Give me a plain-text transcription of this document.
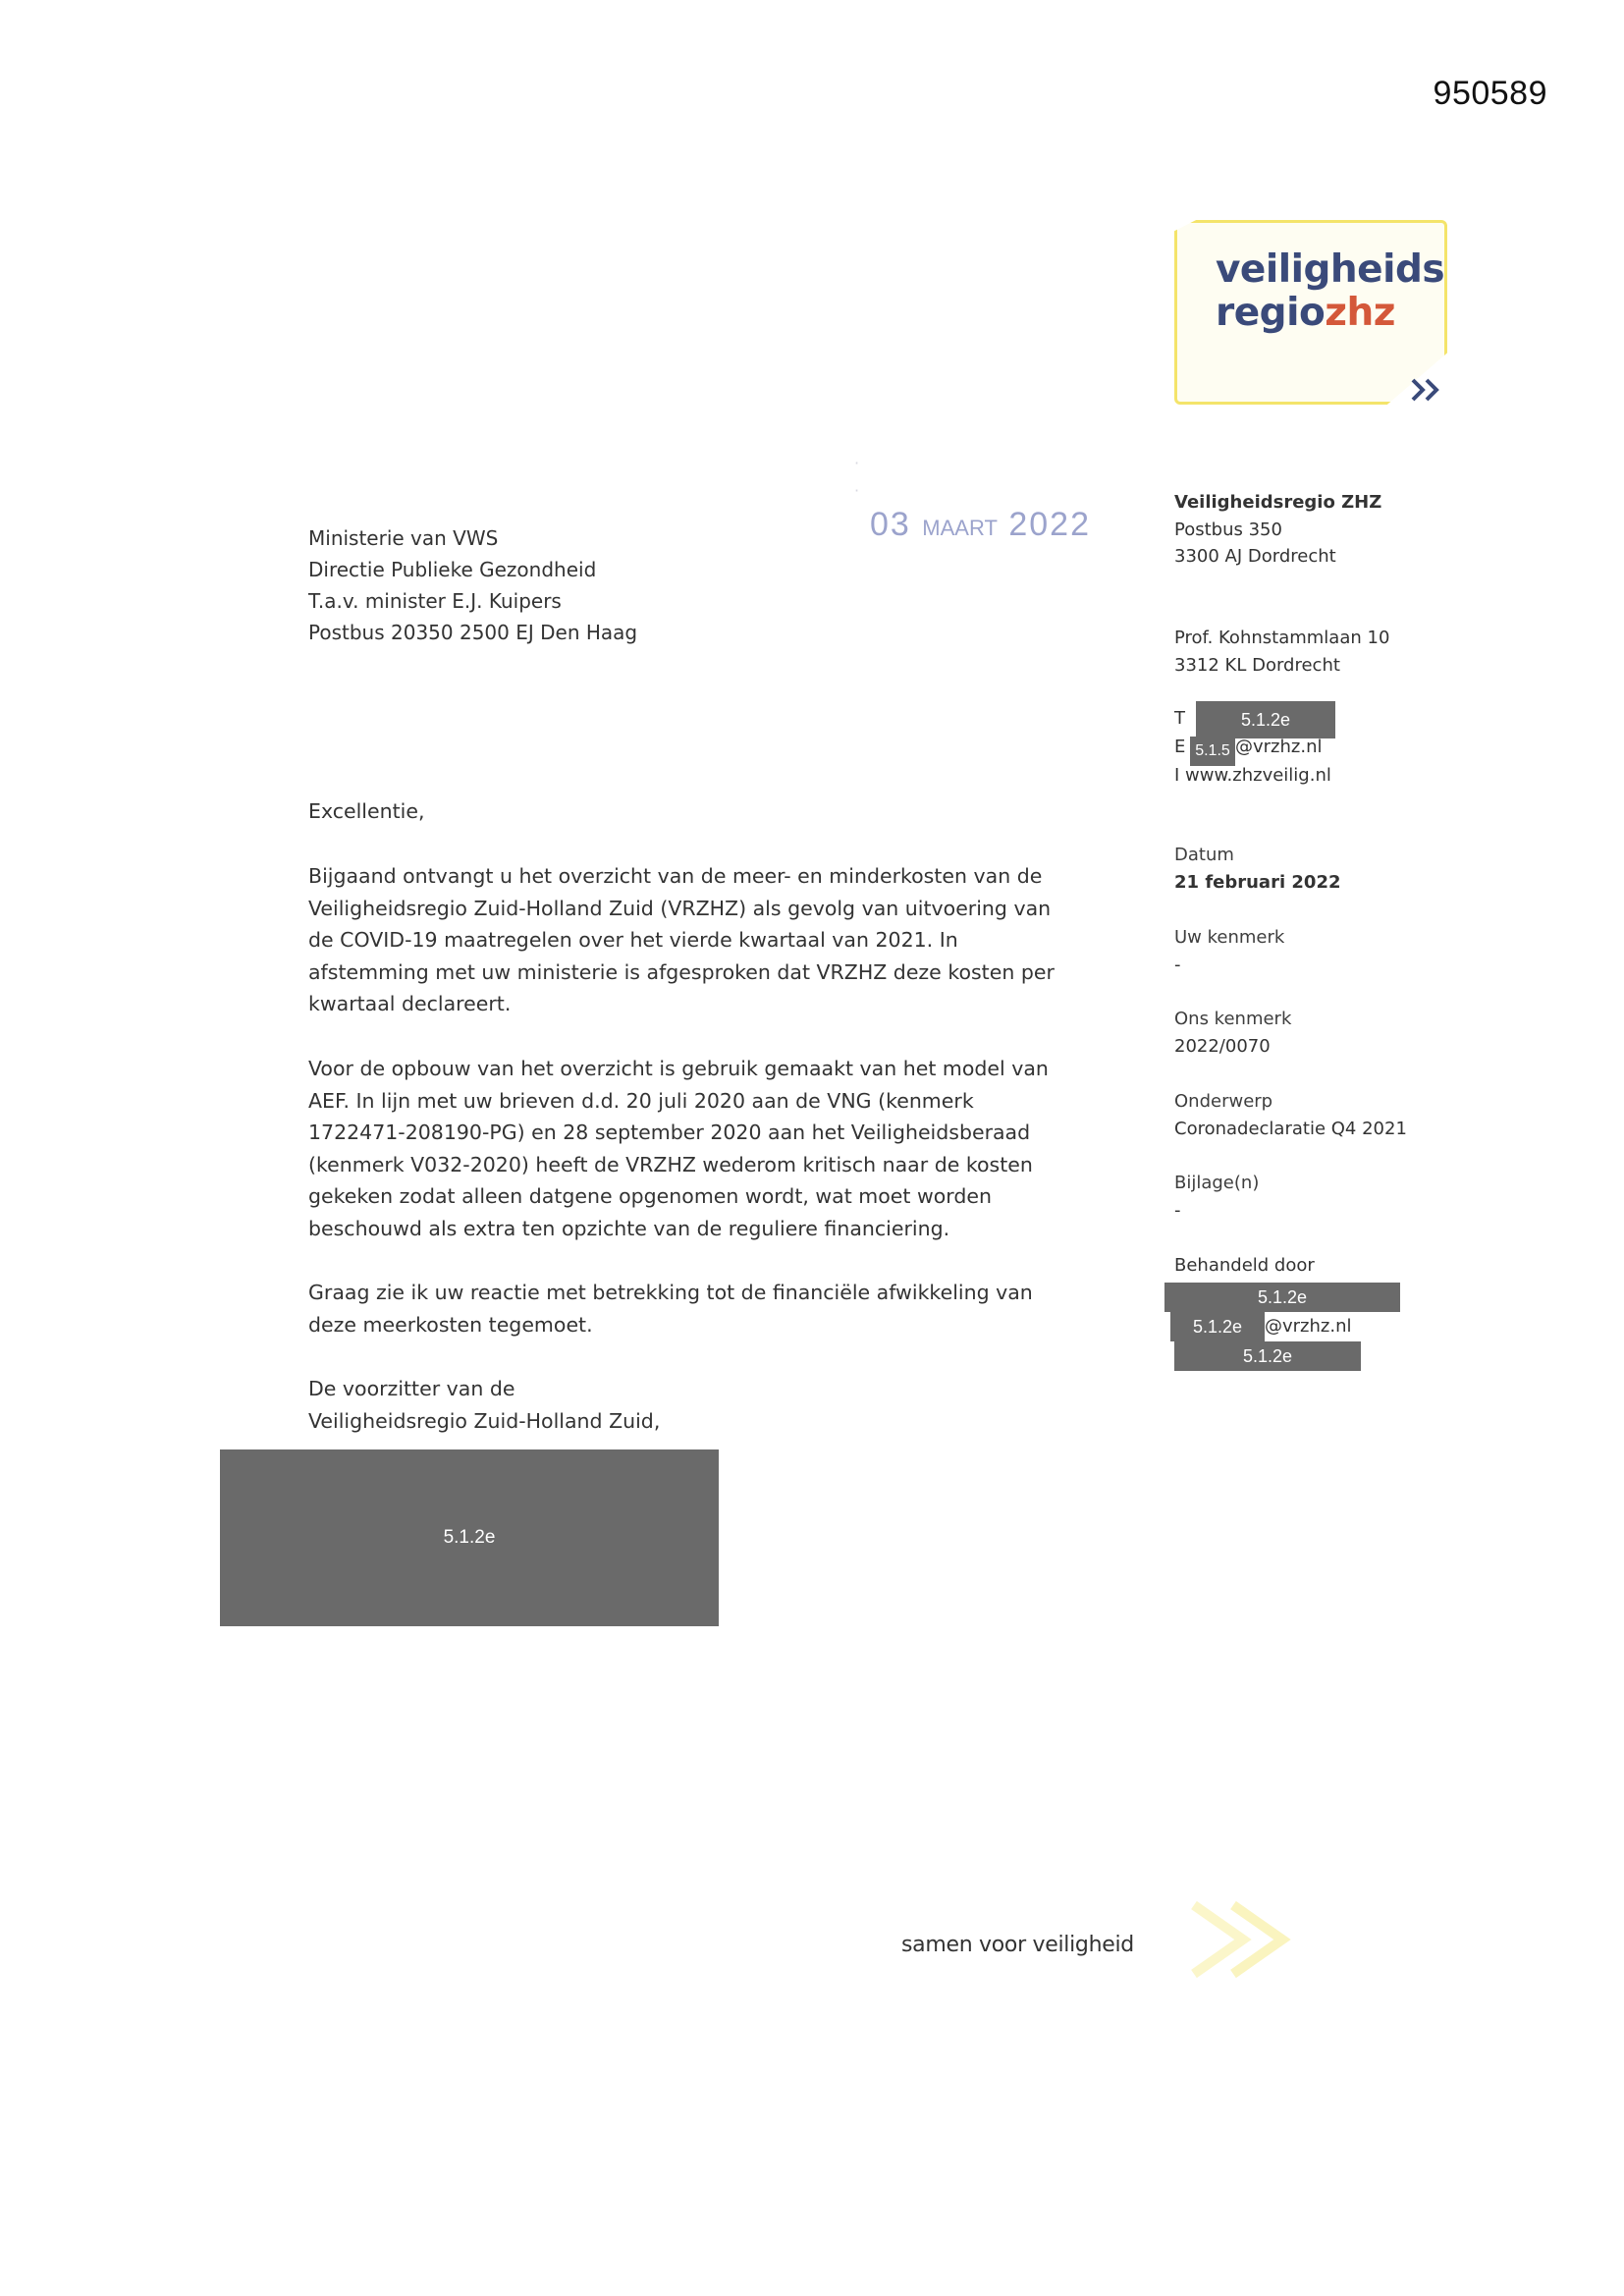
950589
veiligheids
regiozhz
·
·
03 MAART 2022
Ministerie van VWS
Directie Publieke Gezondheid
T.a.v. minister E.J. Kuipers
Postbus 20350 2500 EJ Den Haag
Veiligheidsregio ZHZ
Postbus 350
3300 AJ Dordrecht
Prof. Kohnstammlaan 10
3312 KL Dordrecht
T	5.1.2e
E 5.1.5 @vrzhz.nl
I www.zhzveilig.nl
Datum
21 februari 2022
Uw kenmerk
-
Ons kenmerk
2022/0070
Onderwerp
Coronadeclaratie Q4 2021
Bijlage(n)
-
Behandeld door
5.1.2e
5.1.2e	@vrzhz.nl
5.1.2e
Excellentie,

Bijgaand ontvangt u het overzicht van de meer- en minderkosten van de

Veiligheidsregio Zuid-Holland Zuid (VRZHZ) als gevolg van uitvoering van

de COVID-19 maatregelen over het vierde kwartaal van 2021. In

afstemming met uw ministerie is afgesproken dat VRZHZ deze kosten per

kwartaal declareert.

Voor de opbouw van het overzicht is gebruik gemaakt van het model van

AEF. In lijn met uw brieven d.d. 20 juli 2020 aan de VNG (kenmerk

1722471-208190-PG) en 28 september 2020 aan het Veiligheidsberaad

(kenmerk V032-2020) heeft de VRZHZ wederom kritisch naar de kosten

gekeken zodat alleen datgene opgenomen wordt, wat moet worden

beschouwd als extra ten opzichte van de reguliere financiering.

Graag zie ik uw reactie met betrekking tot de financiële afwikkeling van

deze meerkosten tegemoet.

De voorzitter van de

Veiligheidsregio Zuid-Holland Zuid,

5.1.2e
samen voor veiligheid
